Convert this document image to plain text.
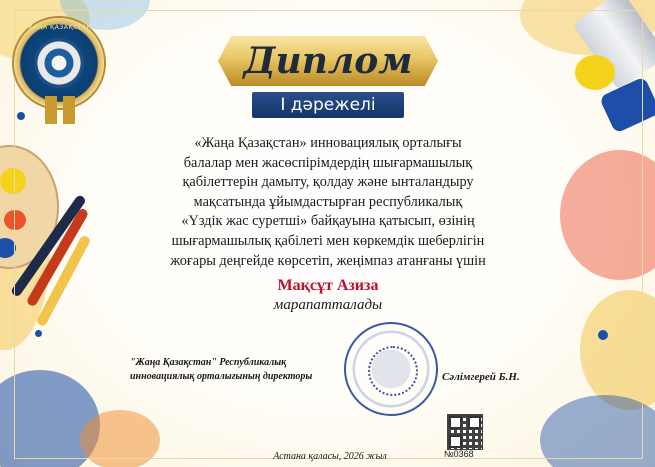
ЖАҢА ҚАЗАҚСТАН
Диплом
І дәрежелі
«Жаңа Қазақстан» инновациялық орталығы
балалар мен жасөспірімдердің шығармашылық
қабілеттерін дамыту, қолдау және ынталандыру
мақсатында ұйымдастырған республикалық
«Үздік жас суретші» байқауына қатысып, өзінің
шығармашылық қабілеті мен көркемдік шеберлігін
жоғары деңгейде көрсетіп, жеңімпаз атанғаны үшін
Мақсұт Азиза
марапатталады
"Жаңа Қазақстан" Республикалық
инновациялық орталығының директоры	Сәлімгерей Б.Н.
№0368
Астана қаласы, 2026 жыл
